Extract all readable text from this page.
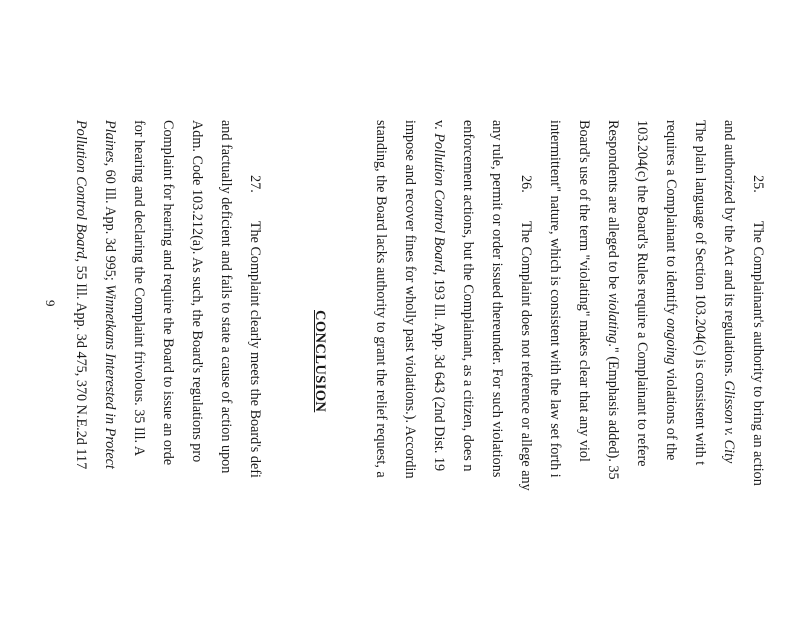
25.        The Complainant's authority to bring an action
and authorized by the Act and its regulations. Glisson v. City
The plain language of Section 103.204(c) is consistent with t
requires a Complainant to identify ongoing violations of the
103.204(c) the Board's Rules require a Complainant to refere
Respondents are alleged to be violating." (Emphasis added). 35
Board's use of the term "violating" makes clear that any viol
intermittent" nature, which is consistent with the law set forth i
26.        The Complaint does not reference or allege any
any rule, permit or order issued thereunder. For such violations
enforcement actions, but the Complainant, as a citizen, does n
v. Pollution Control Board, 193 Ill. App. 3d 643 (2nd Dist. 19
impose and recover fines for wholly past violations.). Accordin
standing, the Board lacks authority to grant the relief request, a
27.        The Complaint clearly meets the Board's defi
and factually deficient and fails to state a cause of action upon
Adm. Code 103.212(a). As such, the Board's regulations pro
Complaint for hearing and require the Board to issue an orde
for hearing and declaring the Complaint frivolous. 35 Ill. A
Plaines, 60 Ill. App. 3d 995; Winnetkans Interested in Protect
Pollution Control Board, 55 Ill. App. 3d 475, 370 N.E.2d 117	CONCLUSION
9
